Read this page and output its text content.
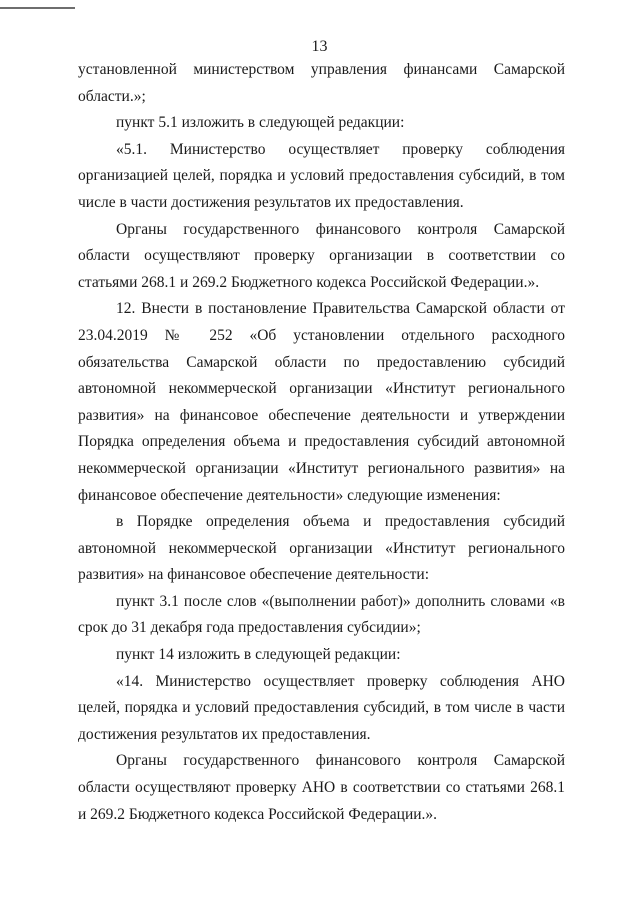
13

установленной министерством управления финансами Самарской области.»;

пункт 5.1 изложить в следующей редакции:

«5.1. Министерство осуществляет проверку соблюдения организацией целей, порядка и условий предоставления субсидий, в том числе в части достижения результатов их предоставления.

Органы государственного финансового контроля Самарской области осуществляют проверку организации в соответствии со статьями 268.1 и 269.2 Бюджетного кодекса Российской Федерации.».

12. Внести в постановление Правительства Самарской области от 23.04.2019 № 252 «Об установлении отдельного расходного обязательства Самарской области по предоставлению субсидий автономной некоммерческой организации «Институт регионального развития» на финансовое обеспечение деятельности и утверждении Порядка определения объема и предоставления субсидий автономной некоммерческой организации «Институт регионального развития» на финансовое обеспечение деятельности» следующие изменения:

в Порядке определения объема и предоставления субсидий автономной некоммерческой организации «Институт регионального развития» на финансовое обеспечение деятельности:

пункт 3.1 после слов «(выполнении работ)» дополнить словами «в срок до 31 декабря года предоставления субсидии»;

пункт 14 изложить в следующей редакции:

«14. Министерство осуществляет проверку соблюдения АНО целей, порядка и условий предоставления субсидий, в том числе в части достижения результатов их предоставления.

Органы государственного финансового контроля Самарской области осуществляют проверку АНО в соответствии со статьями 268.1 и 269.2 Бюджетного кодекса Российской Федерации.».
